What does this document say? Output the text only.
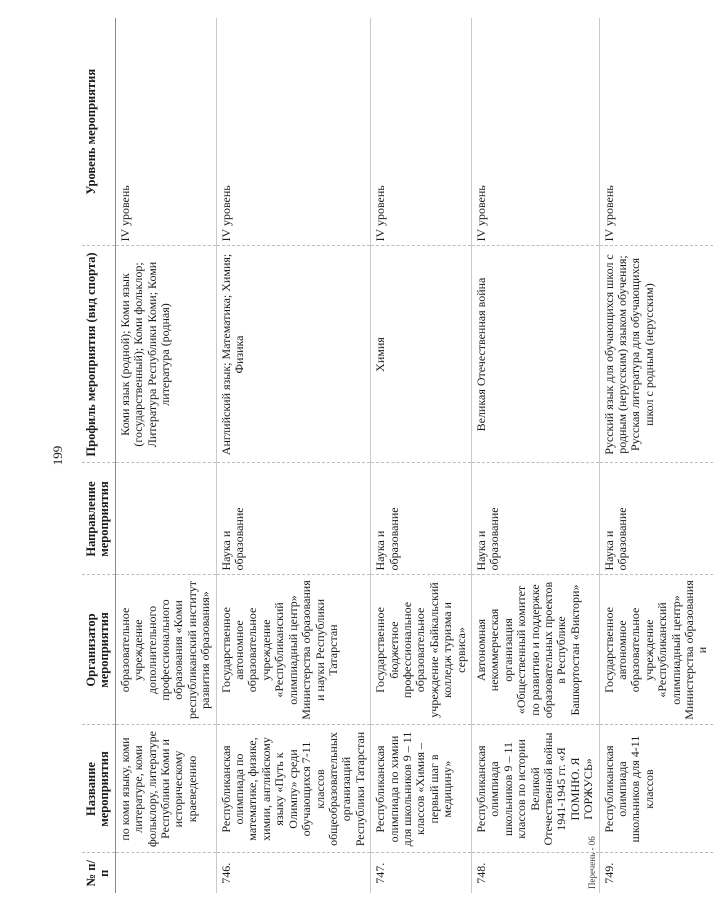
199
№ п/п	Название мероприятия	Организатор мероприятия	Направление мероприятия	Профиль мероприятия (вид спорта)	Уровень мероприятия
	по коми языку, коми литературе, коми фольклору, литературе Республики Коми и историческому краеведению	образовательное учреждение дополнительного профессионального образования «Коми республиканский институт развития образования»		Коми язык (родной); Коми язык (государственный); Коми фольклор; Литература Республики Коми; Коми литература (родная)	IV уровень
746.	Республиканская олимпиада по математике, физике, химии, английскому языку «Путь к Олимпу» среди обучающихся 7-11 классов общеобразовательных организаций Республики Татарстан	Государственное автономное образовательное учреждение «Республиканский олимпиадный центр» Министерства образования и науки Республики Татарстан	Наука и образование	Английский язык; Математика; Химия; Физика	IV уровень
747.	Республиканская олимпиада по химии для школьников 9 – 11 классов «Химия – первый шаг в медицину»	Государственное бюджетное профессиональное образовательное учреждение «Байкальский колледж туризма и сервиса»	Наука и образование	Химия	IV уровень
748.	Республиканская олимпиада школьников 9 – 11 классов по истории Великой Отечественной войны 1941-1945 гг. «Я ПОМНЮ. Я ГОРЖУСЬ»	Автономная некоммерческая организация «Общественный комитет по развитию и поддержке образовательных проектов в Республике Башкортостан «Виктори»	Наука и образование	Великая Отечественная война	IV уровень
749.	Республиканская олимпиада школьников для 4-11 классов	Государственное автономное образовательное учреждение «Республиканский олимпиадный центр» Министерства образования и	Наука и образование	Русский язык для обучающихся школ с родным (нерусским) языком обучения; Русская литература для обучающихся школ с родным (нерусским)	IV уровень
Перечень - 06
